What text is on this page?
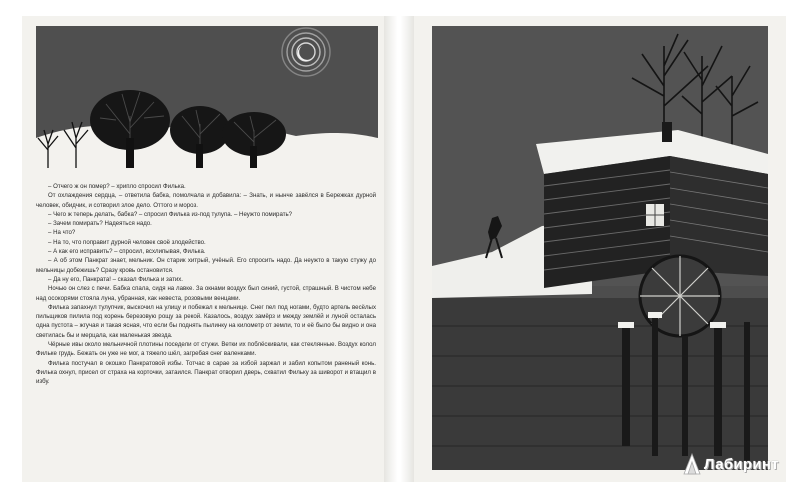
– Отчего ж он помер? – хрипло спросил Филька.

От охлаждения сердца, – ответила бабка, помолчала и добавила: – Знать, и нынче завёлся в Бережках дурной человек, обидчик, и сотворил злое дело. Оттого и мороз.

– Чего ж теперь делать, бабка? – спросил Филька из-под тулупа. – Неужто помирать?

– Зачем помирать? Надеяться надо.

– На что?

– На то, что поправит дурной человек своё злодейство.

– А как его исправить? – спросил, всхлипывая, Филька.

– А об этом Панкрат знает, мельник. Он старик хитрый, учёный. Его спросить надо. Да неужто в такую стужу до мельницы добежишь? Сразу кровь остановится.

– Да ну его, Панкрата! – сказал Филька и затих.

Ночью он слез с печи. Бабка спала, сидя на лавке. За окнами воздух был синий, густой, страшный. В чистом небе над осокорями стояла луна, убранная, как невеста, розовыми венцами.

Филька запахнул тулупчик, выскочил на улицу и побежал к мельнице. Снег пел под ногами, будто артель весёлых пильщиков пилила под корень березовую рощу за рекой. Казалось, воздух замёрз и между землёй и луной осталась одна пустота – жгучая и такая ясная, что если бы поднять пылинку на километр от земли, то и её было бы видно и она светилась бы и мерцала, как маленькая звезда.

Чёрные ивы около мельничной плотины поседели от стужи. Ветки их поблёскивали, как стеклянные. Воздух колол Фильке грудь. Бежать он уже не мог, а тяжело шёл, загребая снег валенками.

Филька постучал в окошко Панкратовой избы. Тотчас в сарае за избой заржал и забил копытом раненый конь. Филька охнул, присел от страха на корточки, затаился. Панкрат отворил дверь, схватил Фильку за шиворот и втащил в избу.

Лабиринт
